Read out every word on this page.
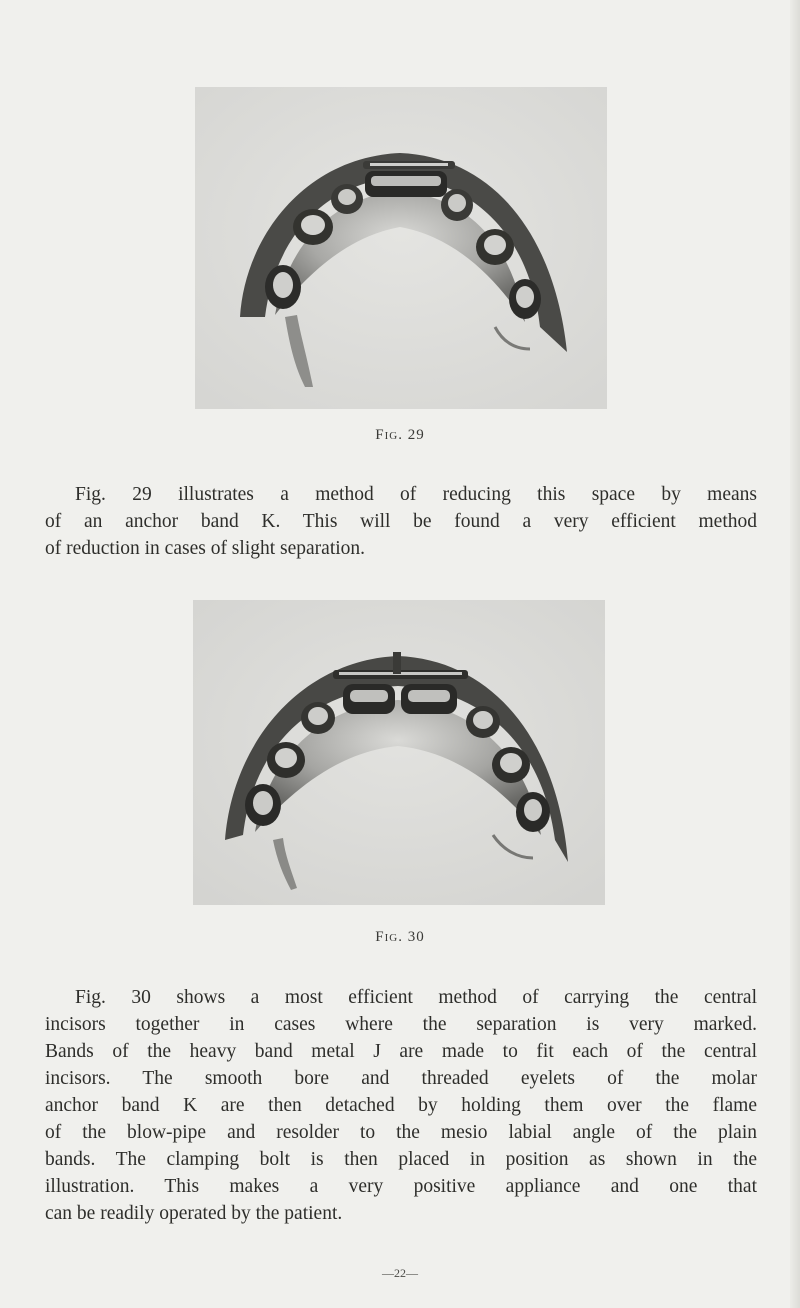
Fig. 29
Fig. 29 illustrates a method of reducing this space by means
of an anchor band K. This will be found a very efficient method
of reduction in cases of slight separation.
Fig. 30
Fig. 30 shows a most efficient method of carrying the central
incisors together in cases where the separation is very marked.
Bands of the heavy band metal J are made to fit each of the central
incisors. The smooth bore and threaded eyelets of the molar
anchor band K are then detached by holding them over the flame
of the blow-pipe and resolder to the mesio labial angle of the plain
bands. The clamping bolt is then placed in position as shown in the
illustration. This makes a very positive appliance and one that
can be readily operated by the patient.
—22—
